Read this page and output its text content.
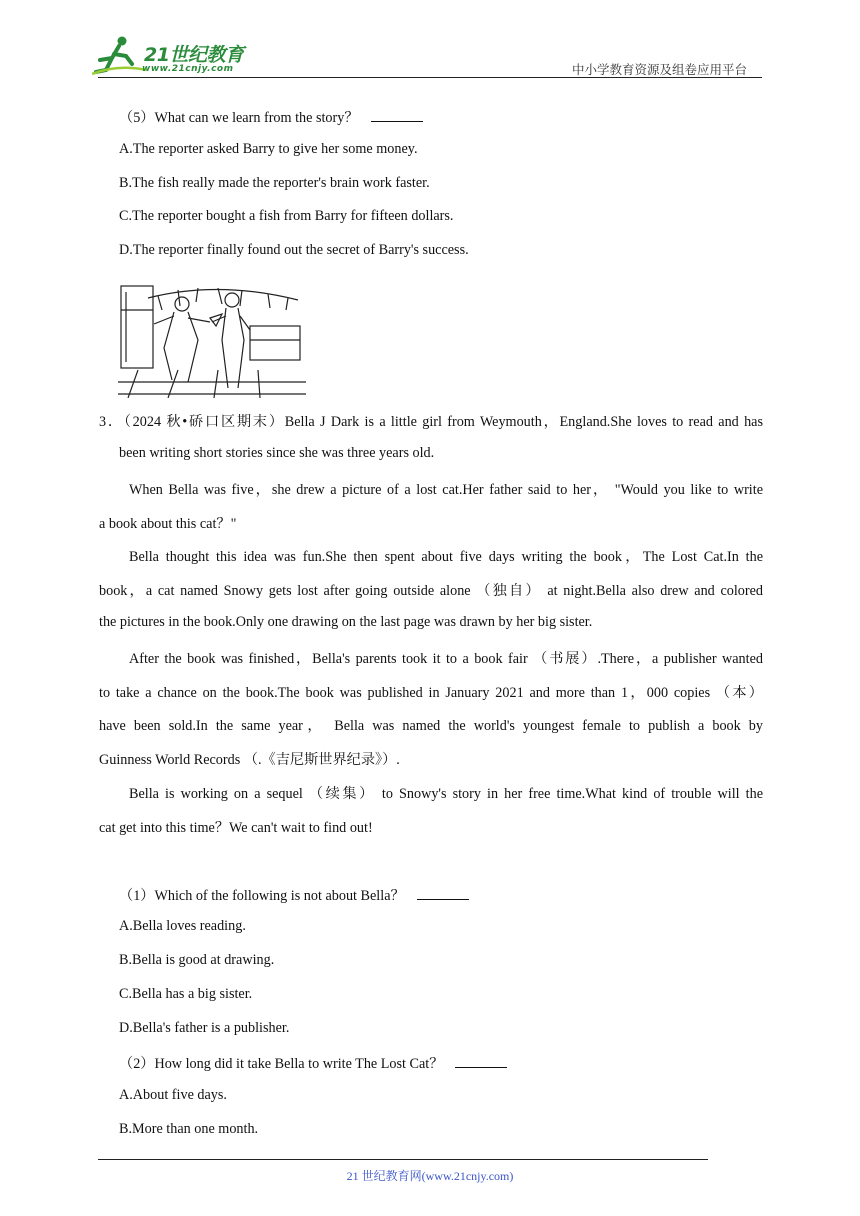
21世纪教育
www.21cnjy.com	中小学教育资源及组卷应用平台
（5）What can we learn from the story？
A.The reporter asked Barry to give her some money.
B.The fish really made the reporter's brain work faster.
C.The reporter bought a fish from Barry for fifteen dollars.
D.The reporter finally found out the secret of Barry's success.
3．（2024 秋•硚口区期末）Bella J Dark is a little girl from Weymouth，England.She loves to read and has
been writing short stories since she was three years old.
When Bella was five，she drew a picture of a lost cat.Her father said to her， "Would you like to write
a book about this cat？"
Bella thought this idea was fun.She then spent about five days writing the book，The Lost Cat.In the
book，a cat named Snowy gets lost after going outside alone （独自） at night.Bella also drew and colored
the pictures in the book.Only one drawing on the last page was drawn by her big sister.
After the book was finished，Bella's parents took it to a book fair （书展）.There，a publisher wanted
to take a chance on the book.The book was published in January 2021 and more than 1，000 copies （本）
have been sold.In the same year， Bella was named the world's youngest female to publish a book by
Guinness World Records （.《吉尼斯世界纪录》）.
Bella is working on a sequel （续集） to Snowy's story in her free time.What kind of trouble will the
cat get into this time？We can't wait to find out!
（1）Which of the following is not about Bella？
A.Bella loves reading.
B.Bella is good at drawing.
C.Bella has a big sister.
D.Bella's father is a publisher.
（2）How long did it take Bella to write The Lost Cat？
A.About five days.
B.More than one month.
21 世纪教育网(www.21cnjy.com)
